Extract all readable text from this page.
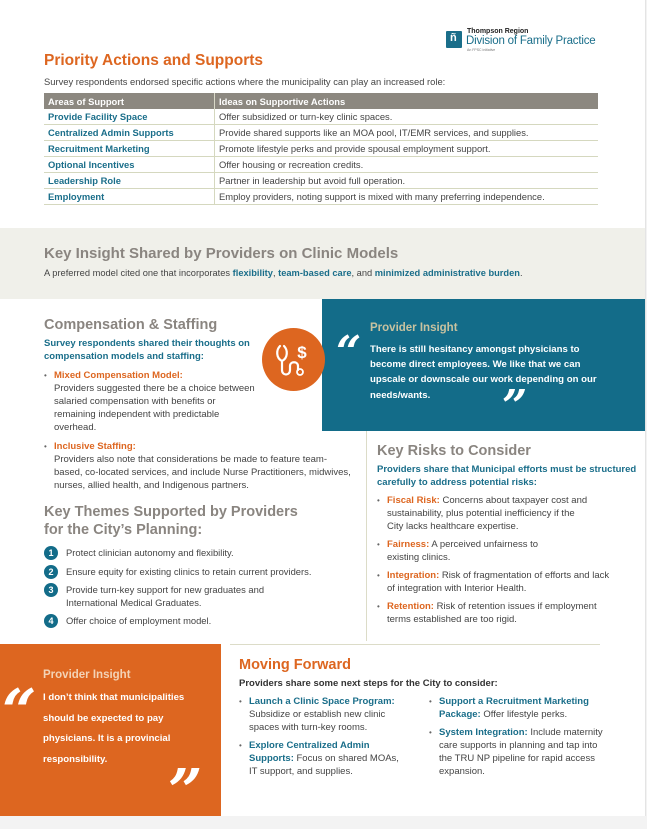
ñ
Thompson Region
Division of Family Practice
An FPSC initiative
Priority Actions and Supports
Survey respondents endorsed specific actions where the municipality can play an increased role:
Areas of Support	Ideas on Supportive Actions
Provide Facility Space	Offer subsidized or turn-key clinic spaces.
Centralized Admin Supports	Provide shared supports like an MOA pool, IT/EMR services, and supplies.
Recruitment Marketing	Promote lifestyle perks and provide spousal employment support.
Optional Incentives	Offer housing or recreation credits.
Leadership Role	Partner in leadership but avoid full operation.
Employment	Employ providers, noting support is mixed with many preferring independence.
Key Insight Shared by Providers on Clinic Models

A preferred model cited one that incorporates flexibility, team-based care, and minimized administrative burden.

Compensation & Staffing
Survey respondents shared their thoughts on compensation models and staffing:
• Mixed Compensation Model:
Providers suggested there be a choice between salaried compensation with benefits or remaining independent with predictable overhead.
• Inclusive Staffing:
Providers also note that considerations be made to feature team-based, co-located services, and include Nurse Practitioners, midwives, nurses, allied health, and Indigenous partners.
“ Provider Insight
There is still hesitancy amongst physicians to become direct employees. We like that we can upscale or downscale our work depending on our needs/wants.	”
$
Key Risks to Consider
Providers share that Municipal efforts must be structured carefully to address potential risks:
• Fiscal Risk: Concerns about taxpayer cost and sustainability, plus potential inefficiency if the City lacks healthcare expertise.
• Fairness: A perceived unfairness to existing clinics.
• Integration: Risk of fragmentation of efforts and lack of integration with Interior Health.
• Retention: Risk of retention issues if employment terms established are too rigid.
Key Themes Supported by Providers for the City’s Planning:
1	Protect clinician autonomy and flexibility.
2	Ensure equity for existing clinics to retain current providers.
3	Provide turn-key support for new graduates and International Medical Graduates.
4	Offer choice of employment model.
“
Provider Insight
I don’t think that municipalities should be expected to pay physicians. It is a provincial responsibility.	”
Moving Forward
Providers share some next steps for the City to consider:
• Launch a Clinic Space Program: Subsidize or establish new clinic spaces with turn-key rooms.
• Explore Centralized Admin Supports: Focus on shared MOAs, IT support, and supplies.
• Support a Recruitment Marketing Package: Offer lifestyle perks.
• System Integration: Include maternity care supports in planning and tap into the TRU NP pipeline for rapid access expansion.
